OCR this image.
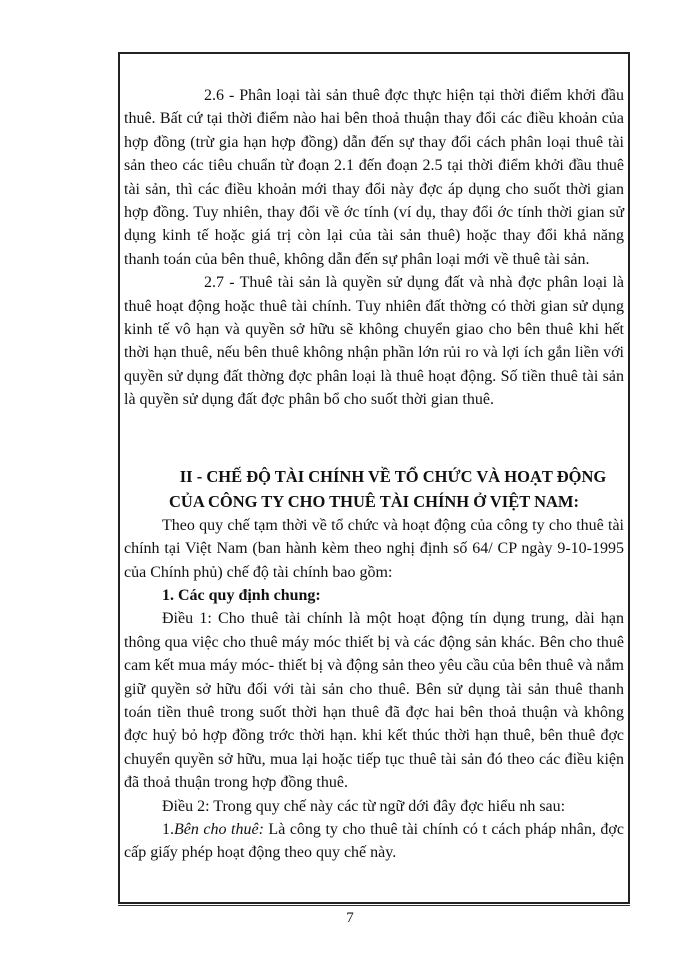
2.6 - Phân loại tài sản thuê đợc thực hiện tại thời điểm khởi đầu thuê. Bất cứ tại thời điểm nào hai bên thoả thuận thay đổi các điều khoản của hợp đồng (trừ gia hạn hợp đồng) dẫn đến sự thay đổi cách phân loại thuê tài sản theo các tiêu chuẩn từ đoạn 2.1 đến đoạn 2.5 tại thời điểm khởi đầu thuê tài sản, thì các điều khoản mới thay đổi này đợc áp dụng cho suốt thời gian hợp đồng. Tuy nhiên, thay đổi về ớc tính (ví dụ, thay đổi ớc tính thời gian sử dụng kinh tế hoặc giá trị còn lại của tài sản thuê) hoặc thay đổi khả năng thanh toán của bên thuê, không dẫn đến sự phân loại mới về thuê tài sản.

2.7 - Thuê tài sản là quyền sử dụng đất và nhà đợc phân loại là thuê hoạt động hoặc thuê tài chính. Tuy nhiên đất thờng có thời gian sử dụng kinh tế vô hạn và quyền sở hữu sẽ không chuyển giao cho bên thuê khi hết thời hạn thuê, nếu bên thuê không nhận phần lớn rủi ro và lợi ích gắn liền với quyền sử dụng đất thờng đợc phân loại là thuê hoạt động. Số tiền thuê tài sản là quyền sử dụng đất đợc phân bổ cho suốt thời gian thuê.

II - CHẾ ĐỘ TÀI CHÍNH VỀ TỔ CHỨC VÀ HOẠT ĐỘNG CỦA CÔNG TY CHO THUÊ TÀI CHÍNH Ở VIỆT NAM:

Theo quy chế tạm thời về tổ chức và hoạt động của công ty cho thuê tài chính tại Việt Nam (ban hành kèm theo nghị định số 64/ CP ngày 9-10-1995 của Chính phủ) chế độ tài chính bao gồm:

1. Các quy định chung:

Điều 1: Cho thuê tài chính là một hoạt động tín dụng trung, dài hạn thông qua việc cho thuê máy móc thiết bị và các động sản khác. Bên cho thuê cam kết mua máy móc- thiết bị và động sản theo yêu cầu của bên thuê và nắm giữ quyền sở hữu đối với tài sản cho thuê. Bên sử dụng tài sản thuê thanh toán tiền thuê trong suốt thời hạn thuê đã đợc hai bên thoả thuận và không đợc huỷ bỏ hợp đồng trớc thời hạn. khi kết thúc thời hạn thuê, bên thuê đợc chuyển quyền sở hữu, mua lại hoặc tiếp tục thuê tài sản đó theo các điều kiện đã thoả thuận trong hợp đồng thuê.

Điều 2: Trong quy chế này các từ ngữ dới đây đợc hiểu nh sau:

1.Bên cho thuê: Là công ty cho thuê tài chính có t cách pháp nhân, đợc cấp giấy phép hoạt động theo quy chế này.

7
